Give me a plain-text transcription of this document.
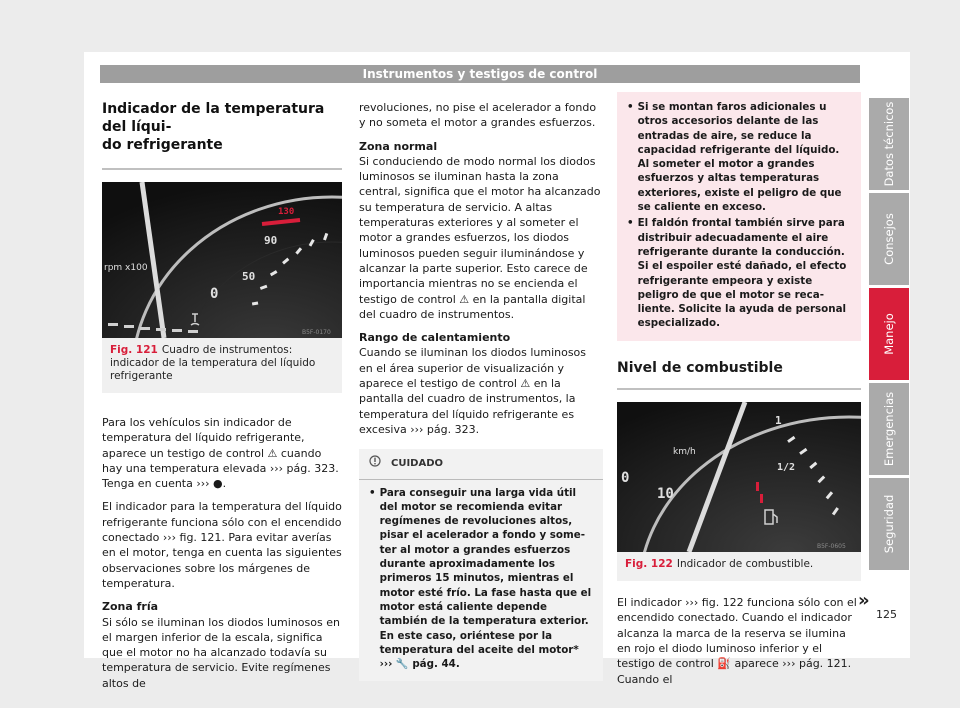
Instrumentos y testigos de control
Indicador de la temperatura del líqui-
do refrigerante
B5F-0170
rpm x100
0
50
90
130
Fig. 121 Cuadro de instrumentos: indicador de la temperatura del líquido refrigerante

Para los vehículos sin indicador de temperatura del líquido refrigerante, aparece un testigo de control ⚠ cuando hay una temperatura elevada ››› pág. 323. Tenga en cuenta ››› ●.

El indicador para la temperatura del líquido refrigerante funciona sólo con el encendido conectado ››› fig. 121. Para evitar averías en el motor, tenga en cuenta las siguientes observaciones sobre los márgenes de temperatura.

Zona fría

Si sólo se iluminan los diodos luminosos en el margen inferior de la escala, significa que el motor no ha alcanzado todavía su temperatura de servicio. Evite regímenes altos de

revoluciones, no pise el acelerador a fondo y no someta el motor a grandes esfuerzos.

Zona normal

Si conduciendo de modo normal los diodos luminosos se iluminan hasta la zona central, significa que el motor ha alcanzado su temperatura de servicio. A altas temperaturas exteriores y al someter el motor a grandes esfuerzos, los diodos luminosos pueden seguir iluminándose y alcanzar la parte superior. Esto carece de importancia mientras no se encienda el testigo de control ⚠ en la pantalla digital del cuadro de instrumentos.

Rango de calentamiento

Cuando se iluminan los diodos luminosos en el área superior de visualización y aparece el testigo de control ⚠ en la pantalla del cuadro de instrumentos, la temperatura del líquido refrigerante es excesiva ››› pág. 323.

CUIDADO
• Para conseguir una larga vida útil del motor se recomienda evitar regímenes de revoluciones altos, pisar el acelerador a fondo y someter al motor a grandes esfuerzos durante aproximadamente los primeros 15 minutos, mientras el motor esté frío. La fase hasta que el motor está caliente depende también de la temperatura exterior. En este caso, oriéntese por la temperatura del aceite del motor* ››› 🔧 pág. 44.
• Si se montan faros adicionales u otros accesorios delante de las entradas de aire, se reduce la capacidad refrigerante del líquido. Al someter el motor a grandes esfuerzos y altas temperaturas exteriores, existe el peligro de que se caliente en exceso.
• El faldón frontal también sirve para distribuir adecuadamente el aire refrigerante durante la conducción. Si el espoiler esté dañado, el efecto refrigerante empeora y existe peligro de que el motor se recaliente. Solicite la ayuda de personal especializado.
Nivel de combustible
B5F-0605
km/h
0
10
1/2
1
Fig. 122 Indicador de combustible.

El indicador ››› fig. 122 funciona sólo con el encendido conectado. Cuando el indicador alcanza la marca de la reserva se ilumina en rojo el diodo luminoso inferior y el testigo de control ⛽ aparece ››› pág. 121. Cuando el

»
Datos técnicos
Consejos
Manejo
Emergencias
Seguridad
125
